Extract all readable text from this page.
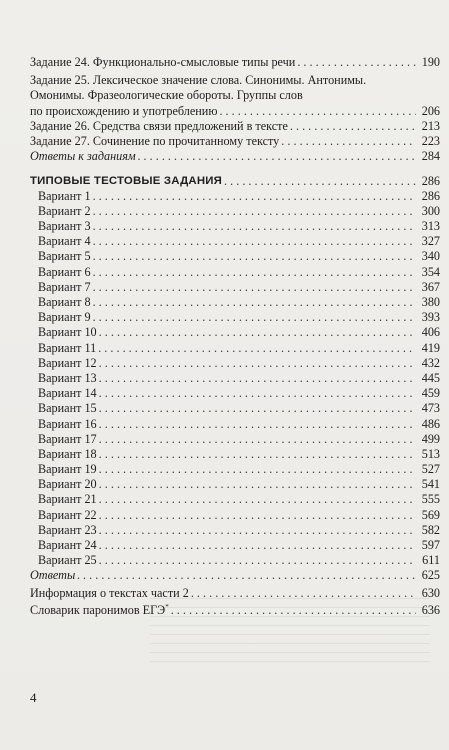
Задание 24. Функционально-смысловые типы речи . . .	190
Задание 25. Лексическое значение слова. Синонимы. Антонимы.
Омонимы. Фразеологические обороты. Группы слов
по происхождению и употреблению . . .	206
Задание 26. Средства связи предложений в тексте . . .	213
Задание 27. Сочинение по прочитанному тексту . . .	223
Ответы к заданиям . . .	284
ТИПОВЫЕ ТЕСТОВЫЕ ЗАДАНИЯ . . .	286
Вариант 1 . . .	286
Вариант 2 . . .	300
Вариант 3 . . .	313
Вариант 4 . . .	327
Вариант 5 . . .	340
Вариант 6 . . .	354
Вариант 7 . . .	367
Вариант 8 . . .	380
Вариант 9 . . .	393
Вариант 10 . . .	406
Вариант 11 . . .	419
Вариант 12 . . .	432
Вариант 13 . . .	445
Вариант 14 . . .	459
Вариант 15 . . .	473
Вариант 16 . . .	486
Вариант 17 . . .	499
Вариант 18 . . .	513
Вариант 19 . . .	527
Вариант 20 . . .	541
Вариант 21 . . .	555
Вариант 22 . . .	569
Вариант 23 . . .	582
Вариант 24 . . .	597
Вариант 25 . . .	611
Ответы . . .	625
Информация о текстах части 2 . . .	630
Словарик паронимов ЕГЭ* . . .	636
4
